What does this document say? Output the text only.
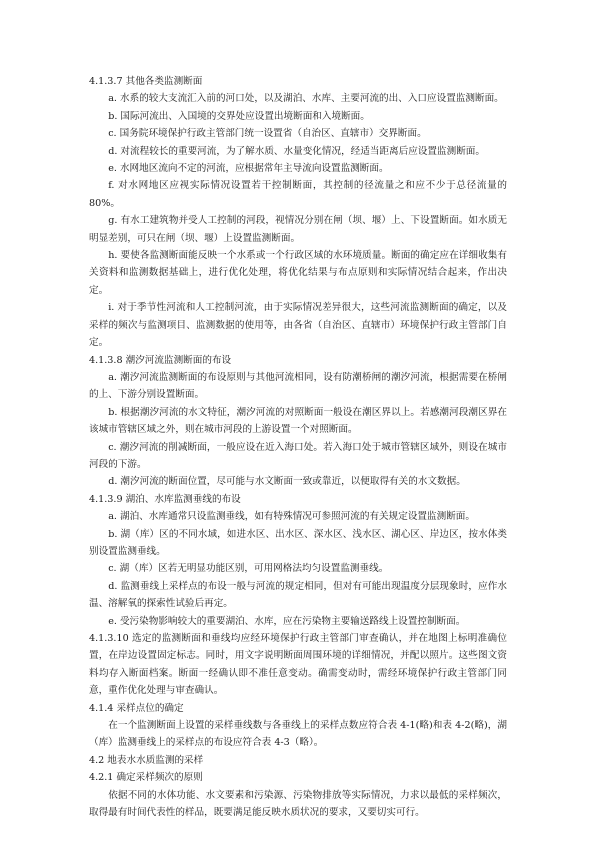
4.1.3.7 其他各类监测断面

a. 水系的较大支流汇入前的河口处，以及湖泊、水库、主要河流的出、入口应设置监测断面。

b. 国际河流出、入国境的交界处应设置出境断面和入境断面。

c. 国务院环境保护行政主管部门统一设置省（自治区、直辖市）交界断面。

d. 对流程较长的重要河流，为了解水质、水量变化情况，经适当距离后应设置监测断面。

e. 水网地区流向不定的河流，应根据常年主导流向设置监测断面。

f. 对水网地区应视实际情况设置若干控制断面，其控制的径流量之和应不少于总径流量的80%。

g. 有水工建筑物并受人工控制的河段，视情况分别在闸（坝、堰）上、下设置断面。如水质无明显差别，可只在闸（坝、堰）上设置监测断面。

h. 要使各监测断面能反映一个水系或一个行政区域的水环境质量。断面的确定应在详细收集有关资料和监测数据基础上，进行优化处理，将优化结果与布点原则和实际情况结合起来，作出决定。

i. 对于季节性河流和人工控制河流，由于实际情况差异很大，这些河流监测断面的确定，以及采样的频次与监测项目、监测数据的使用等，由各省（自治区、直辖市）环境保护行政主管部门自定。

4.1.3.8 潮汐河流监测断面的布设

a. 潮汐河流监测断面的布设原则与其他河流相同，设有防潮桥闸的潮汐河流，根据需要在桥闸的上、下游分别设置断面。

b. 根据潮汐河流的水文特征，潮汐河流的对照断面一般设在潮区界以上。若感潮河段潮区界在该城市管辖区域之外，则在城市河段的上游设置一个对照断面。

c. 潮汐河流的削减断面，一般应设在近入海口处。若入海口处于城市管辖区域外，则设在城市河段的下游。

d. 潮汐河流的断面位置，尽可能与水文断面一致或靠近，以便取得有关的水文数据。

4.1.3.9 湖泊、水库监测垂线的布设

a. 湖泊、水库通常只设监测垂线，如有特殊情况可参照河流的有关规定设置监测断面。

b. 湖（库）区的不同水域，如进水区、出水区、深水区、浅水区、湖心区、岸边区，按水体类别设置监测垂线。

c. 湖（库）区若无明显功能区别，可用网格法均匀设置监测垂线。

d. 监测垂线上采样点的布设一般与河流的规定相同，但对有可能出现温度分层现象时，应作水温、溶解氧的探索性试验后再定。

e. 受污染物影响较大的重要湖泊、水库，应在污染物主要输送路线上设置控制断面。

4.1.3.10 选定的监测断面和垂线均应经环境保护行政主管部门审查确认，并在地图上标明准确位置，在岸边设置固定标志。同时，用文字说明断面周围环境的详细情况，并配以照片。这些图文资料均存入断面档案。断面一经确认即不准任意变动。确需变动时，需经环境保护行政主管部门同意，重作优化处理与审查确认。

4.1.4 采样点位的确定

在一个监测断面上设置的采样垂线数与各垂线上的采样点数应符合表 4-1(略)和表 4-2(略)，湖（库）监测垂线上的采样点的布设应符合表 4-3（略）。

4.2 地表水水质监测的采样

4.2.1 确定采样频次的原则

依据不同的水体功能、水文要素和污染源、污染物排放等实际情况，力求以最低的采样频次，取得最有时间代表性的样品，既要满足能反映水质状况的要求，又要切实可行。
